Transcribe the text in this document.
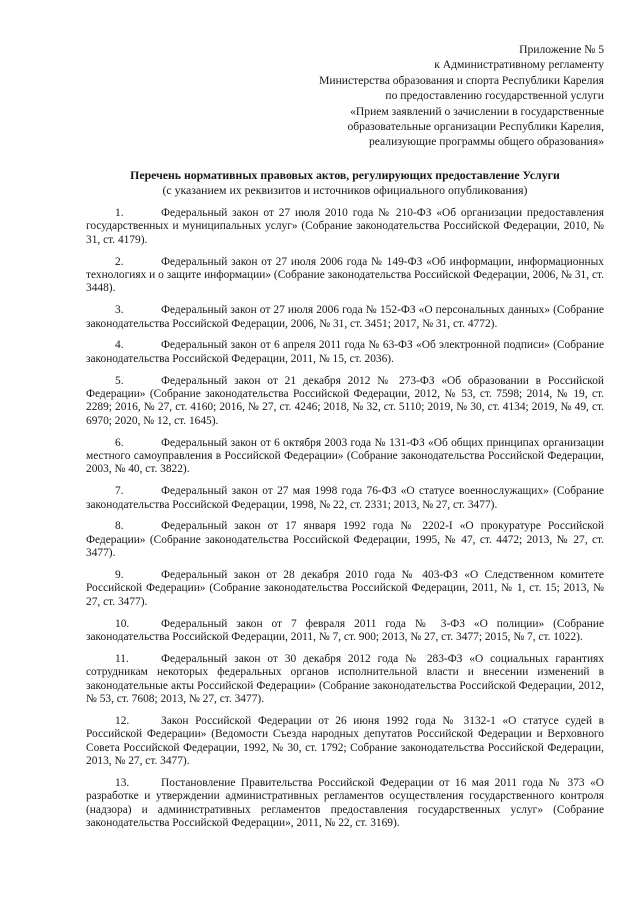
Приложение № 5
к Административному регламенту
Министерства образования и спорта Республики Карелия
по предоставлению государственной услуги
«Прием заявлений о зачислении в государственные
образовательные организации Республики Карелия,
реализующие программы общего образования»
Перечень нормативных правовых актов, регулирующих предоставление Услуги
(с указанием их реквизитов и источников официального опубликования)

1.	Федеральный закон от 27 июля 2010 года № 210-ФЗ «Об организации предоставления государственных и муниципальных услуг» (Собрание законодательства Российской Федерации, 2010, № 31, ст. 4179).

2.	Федеральный закон от 27 июля 2006 года № 149-ФЗ «Об информации, информационных технологиях и о защите информации» (Собрание законодательства Российской Федерации, 2006, № 31, ст. 3448).

3.	Федеральный закон от 27 июля 2006 года № 152-ФЗ «О персональных данных» (Собрание законодательства Российской Федерации, 2006, № 31, ст. 3451; 2017, № 31, ст. 4772).

4.	Федеральный закон от 6 апреля 2011 года № 63-ФЗ «Об электронной подписи» (Собрание законодательства Российской Федерации, 2011, № 15, ст. 2036).

5.	Федеральный закон от 21 декабря 2012 № 273-ФЗ «Об образовании в Российской Федерации» (Собрание законодательства Российской Федерации, 2012, № 53, ст. 7598; 2014, № 19, ст. 2289; 2016, № 27, ст. 4160; 2016, № 27, ст. 4246; 2018, № 32, ст. 5110; 2019, № 30, ст. 4134; 2019, № 49, ст. 6970; 2020, № 12, ст. 1645).

6.	Федеральный закон от 6 октября 2003 года № 131-ФЗ «Об общих принципах организации местного самоуправления в Российской Федерации» (Собрание законодательства Российской Федерации, 2003, № 40, ст. 3822).

7.	Федеральный закон от 27 мая 1998 года 76-ФЗ «О статусе военнослужащих» (Собрание законодательства Российской Федерации, 1998, № 22, ст. 2331; 2013, № 27, ст. 3477).

8.	Федеральный закон от 17 января 1992 года № 2202-I «О прокуратуре Российской Федерации» (Собрание законодательства Российской Федерации, 1995, № 47, ст. 4472; 2013, № 27, ст. 3477).

9.	Федеральный закон от 28 декабря 2010 года № 403-ФЗ «О Следственном комитете Российской Федерации» (Собрание законодательства Российской Федерации, 2011, № 1, ст. 15; 2013, № 27, ст. 3477).

10.	Федеральный закон от 7 февраля 2011 года № 3-ФЗ «О полиции» (Собрание законодательства Российской Федерации, 2011, № 7, ст. 900; 2013, № 27, ст. 3477; 2015, № 7, ст. 1022).

11.	Федеральный закон от 30 декабря 2012 года № 283-ФЗ «О социальных гарантиях сотрудникам некоторых федеральных органов исполнительной власти и внесении изменений в законодательные акты Российской Федерации» (Собрание законодательства Российской Федерации, 2012, № 53, ст. 7608; 2013, № 27, ст. 3477).

12.	Закон Российской Федерации от 26 июня 1992 года № 3132-1 «О статусе судей в Российской Федерации» (Ведомости Съезда народных депутатов Российской Федерации и Верховного Совета Российской Федерации, 1992, № 30, ст. 1792; Собрание законодательства Российской Федерации, 2013, № 27, ст. 3477).

13.	Постановление Правительства Российской Федерации от 16 мая 2011 года № 373 «О разработке и утверждении административных регламентов осуществления государственного контроля (надзора) и административных регламентов предоставления государственных услуг» (Собрание законодательства Российской Федерации», 2011, № 22, ст. 3169).
